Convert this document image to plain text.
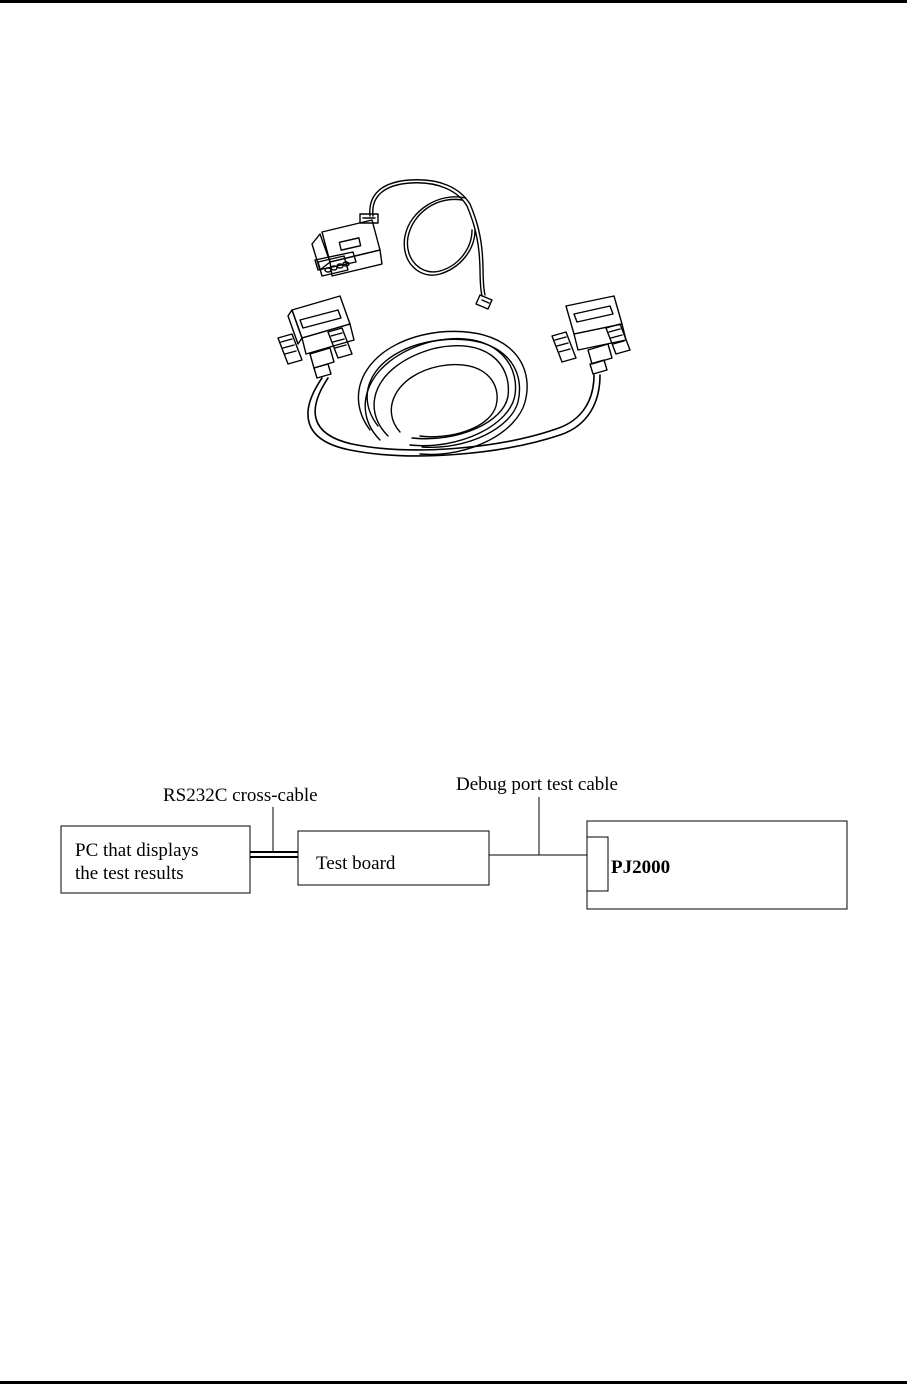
RS232C cross-cable
Debug port test cable
PC that displays
the test results	Test board	PJ2000
